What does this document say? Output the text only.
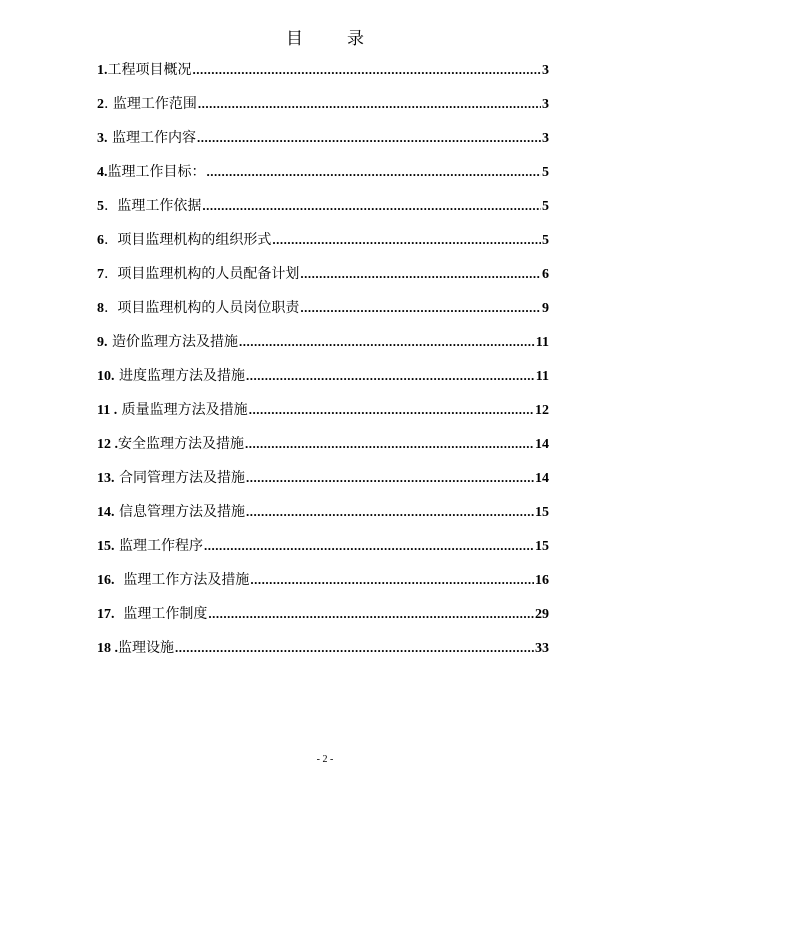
目	录
1. 工程项目概况 .....	3
2 . 监理工作范围 .....	3
3. 监理工作内容 .....	3
4. 监理工作目标： .....	5
5 .  监理工作依据 .....	5
6 .  项目监理机构的组织形式 .....	5
7 .  项目监理机构的人员配备计划 .....	6
8 .  项目监理机构的人员岗位职责 .....	9
9. 造价监理方法及措施 .....	11
10. 进度监理方法及措施 .....	11
11 . 质量监理方法及措施 .....	12
12 . 安全监理方法及措施 .....	14
13. 合同管理方法及措施 .....	14
14. 信息管理方法及措施 .....	15
15. 监理工作程序 .....	15
16. 监理工作方法及措施 .....	16
17. 监理工作制度 .....	29
18 . 监理设施 .....	33
- 2 -
